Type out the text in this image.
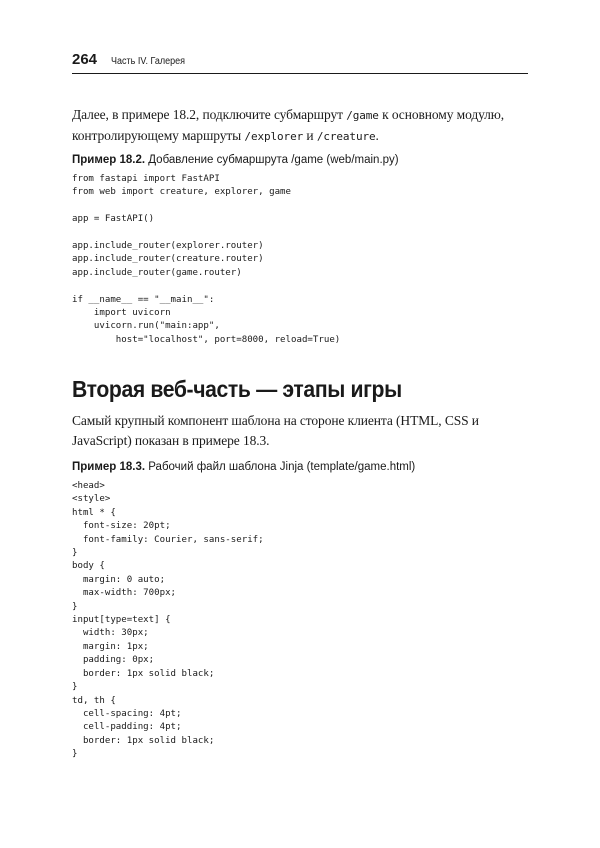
264 Часть IV. Галерея

Далее, в примере 18.2, подключите субмаршрут /game к основному модулю, контролирующему маршруты /explorer и /creature.

Пример 18.2. Добавление субмаршрута /game (web/main.py)

from fastapi import FastAPI
from web import creature, explorer, game

app = FastAPI()

app.include_router(explorer.router)
app.include_router(creature.router)
app.include_router(game.router)

if __name__ == "__main__":
import uvicorn
uvicorn.run("main:app",
host="localhost", port=8000, reload=True)
Вторая веб-часть — этапы игры

Самый крупный компонент шаблона на стороне клиента (HTML, CSS и JavaScript) показан в примере 18.3.

Пример 18.3. Рабочий файл шаблона Jinja (template/game.html)

<head>
<style>
html * {
font-size: 20pt;
font-family: Courier, sans-serif;
}
body {
margin: 0 auto;
max-width: 700px;
}
input[type=text] {
width: 30px;
margin: 1px;
padding: 0px;
border: 1px solid black;
}
td, th {
cell-spacing: 4pt;
cell-padding: 4pt;
border: 1px solid black;
}
